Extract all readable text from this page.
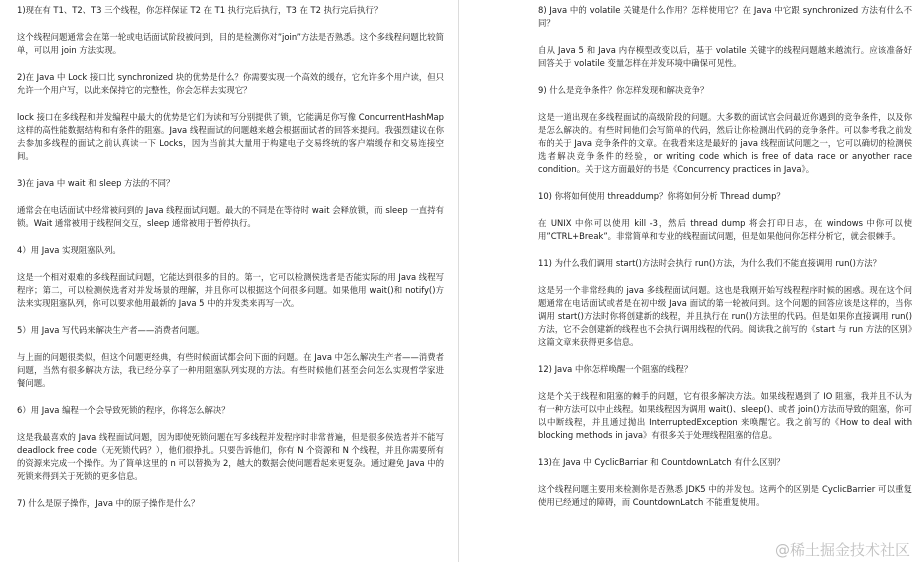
1)现在有 T1、T2、T3 三个线程，你怎样保证 T2 在 T1 执行完后执行，T3 在 T2 执行完后执行？

这个线程问题通常会在第一轮或电话面试阶段被问到，目的是检测你对”join”方法是否熟悉。这个多线程问题比较简单，可以用 join 方法实现。

2)在 Java 中 Lock 接口比 synchronized 块的优势是什么？你需要实现一个高效的缓存，它允许多个用户读，但只允许一个用户写，以此来保持它的完整性，你会怎样去实现它？

lock 接口在多线程和并发编程中最大的优势是它们为读和写分别提供了锁，它能满足你写像 ConcurrentHashMap 这样的高性能数据结构和有条件的阻塞。Java 线程面试的问题越来越会根据面试者的回答来提问。我强烈建议在你去参加多线程的面试之前认真读一下 Locks，因为当前其大量用于构建电子交易终统的客户端缓存和交易连接空间。

3)在 java 中 wait 和 sleep 方法的不同？

通常会在电话面试中经常被问到的 Java 线程面试问题。最大的不同是在等待时 wait 会释放锁，而 sleep 一直持有锁。Wait 通常被用于线程间交互，sleep 通常被用于暂停执行。

4）用 Java 实现阻塞队列。

这是一个相对艰难的多线程面试问题，它能达到很多的目的。第一，它可以检测侯选者是否能实际的用 Java 线程写程序；第二，可以检测侯选者对并发场景的理解，并且你可以根据这个问很多问题。如果他用 wait()和 notify()方法来实现阻塞队列，你可以要求他用最新的 Java 5 中的并发类来再写一次。

5）用 Java 写代码来解决生产者——消费者问题。

与上面的问题很类似，但这个问题更经典，有些时候面试都会问下面的问题。在 Java 中怎么解决生产者——消费者问题，当然有很多解决方法，我已经分享了一种用阻塞队列实现的方法。有些时候他们甚至会问怎么实现哲学家进餐问题。

6）用 Java 编程一个会导致死锁的程序，你将怎么解决？

这是我最喜欢的 Java 线程面试问题，因为即使死锁问题在写多线程并发程序时非常普遍，但是很多侯选者并不能写 deadlock free code（无死锁代码？），他们很挣扎。只要告诉他们，你有 N 个资源和 N 个线程，并且你需要所有的资源来完成一个操作。为了简单这里的 n 可以替换为 2，越大的数据会使问题看起来更复杂。通过避免 Java 中的死锁来得到关于死锁的更多信息。

7) 什么是原子操作，Java 中的原子操作是什么？

8) Java 中的 volatile 关键是什么作用？怎样使用它？在 Java 中它跟 synchronized 方法有什么不同？

自从 Java 5 和 Java 内存模型改变以后，基于 volatile 关键字的线程问题越来越流行。应该准备好回答关于 volatile 变量怎样在并发环境中确保可见性。

9) 什么是竞争条件？你怎样发现和解决竞争？

这是一道出现在多线程面试的高级阶段的问题。大多数的面试官会问最近你遇到的竞争条件，以及你是怎么解决的。有些时间他们会写简单的代码，然后让你检测出代码的竞争条件。可以参考我之前发布的关于 Java 竞争条件的文章。在我看来这是最好的 java 线程面试问题之一，它可以确切的检测侯选者解决竞争条件的经验，or writing code which is free of data race or anyother race condition。关于这方面最好的书是《Concurrency practices in Java》。

10) 你将如何使用 threaddump？你将如何分析 Thread dump？

在 UNIX 中你可以使用 kill -3，然后 thread dump 将会打印日志，在 windows 中你可以使用”CTRL+Break”。非常简单和专业的线程面试问题，但是如果他问你怎样分析它，就会很棘手。

11) 为什么我们调用 start()方法时会执行 run()方法，为什么我们不能直接调用 run()方法？

这是另一个非常经典的 java 多线程面试问题。这也是我刚开始写线程程序时候的困惑。现在这个问题通常在电话面试或者是在初中级 Java 面试的第一轮被问到。这个问题的回答应该是这样的，当你调用 start()方法时你将创建新的线程，并且执行在 run()方法里的代码。但是如果你直接调用 run()方法，它不会创建新的线程也不会执行调用线程的代码。阅读我之前写的《start 与 run 方法的区别》这篇文章来获得更多信息。

12) Java 中你怎样唤醒一个阻塞的线程？

这是个关于线程和阻塞的棘手的问题，它有很多解决方法。如果线程遇到了 IO 阻塞，我并且不认为有一种方法可以中止线程。如果线程因为调用 wait()、sleep()、或者 join()方法而导致的阻塞，你可以中断线程，并且通过抛出 InterruptedException 来唤醒它。我之前写的《How to deal with blocking methods in java》有很多关于处理线程阻塞的信息。

13)在 Java 中 CyclicBarriar 和 CountdownLatch 有什么区别？

这个线程问题主要用来检测你是否熟悉 JDK5 中的并发包。这两个的区别是 CyclicBarrier 可以重复使用已经通过的障碍，而 CountdownLatch 不能重复使用。

@稀土掘金技术社区
